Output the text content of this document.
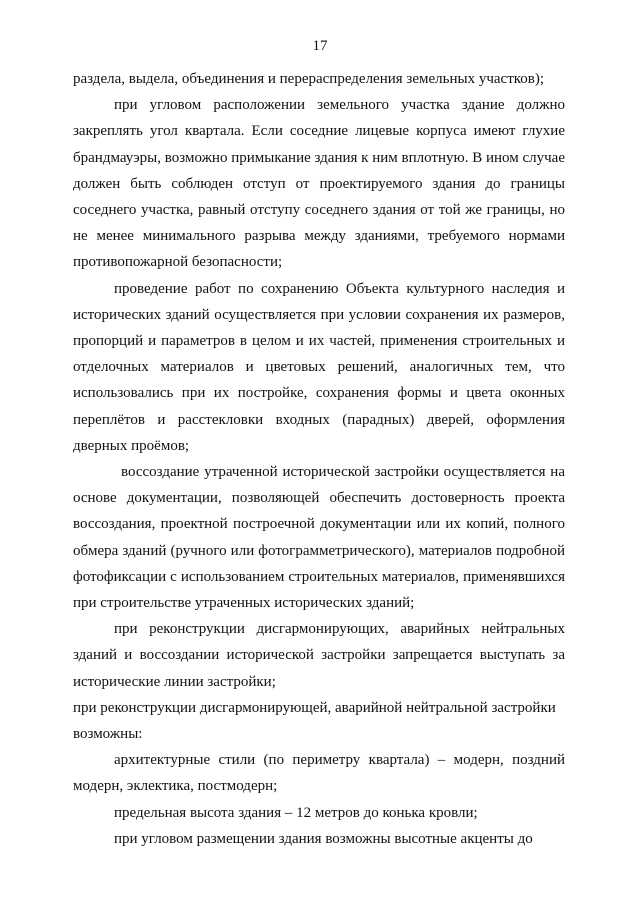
17

раздела, выдела, объединения и перераспределения земельных участков);

при угловом расположении земельного участка здание должно закреплять угол квартала. Если соседние лицевые корпуса имеют глухие брандмауэры, возможно примыкание здания к ним вплотную. В ином случае должен быть соблюден отступ от проектируемого здания до границы соседнего участка, равный отступу соседнего здания от той же границы, но не менее минимального разрыва между зданиями, требуемого нормами противопожарной безопасности;

проведение работ по сохранению Объекта культурного наследия и исторических зданий осуществляется при условии сохранения их размеров, пропорций и параметров в целом и их частей, применения строительных и отделочных материалов и цветовых решений, аналогичных тем, что использовались при их постройке, сохранения формы и цвета оконных переплётов и расстекловки входных (парадных) дверей, оформления дверных проёмов;

воссоздание утраченной исторической застройки осуществляется на основе документации, позволяющей обеспечить достоверность проекта воссоздания, проектной построечной документации или их копий, полного обмера зданий (ручного или фотограмметрического), материалов подробной фотофиксации с использованием строительных материалов, применявшихся при строительстве утраченных исторических зданий;

при реконструкции дисгармонирующих, аварийных нейтральных зданий и воссоздании исторической застройки запрещается выступать за исторические линии застройки;

при реконструкции дисгармонирующей, аварийной нейтральной застройки возможны:

архитектурные стили (по периметру квартала) – модерн, поздний модерн, эклектика, постмодерн;

предельная высота здания – 12 метров до конька кровли;

при угловом размещении здания возможны высотные акценты до
